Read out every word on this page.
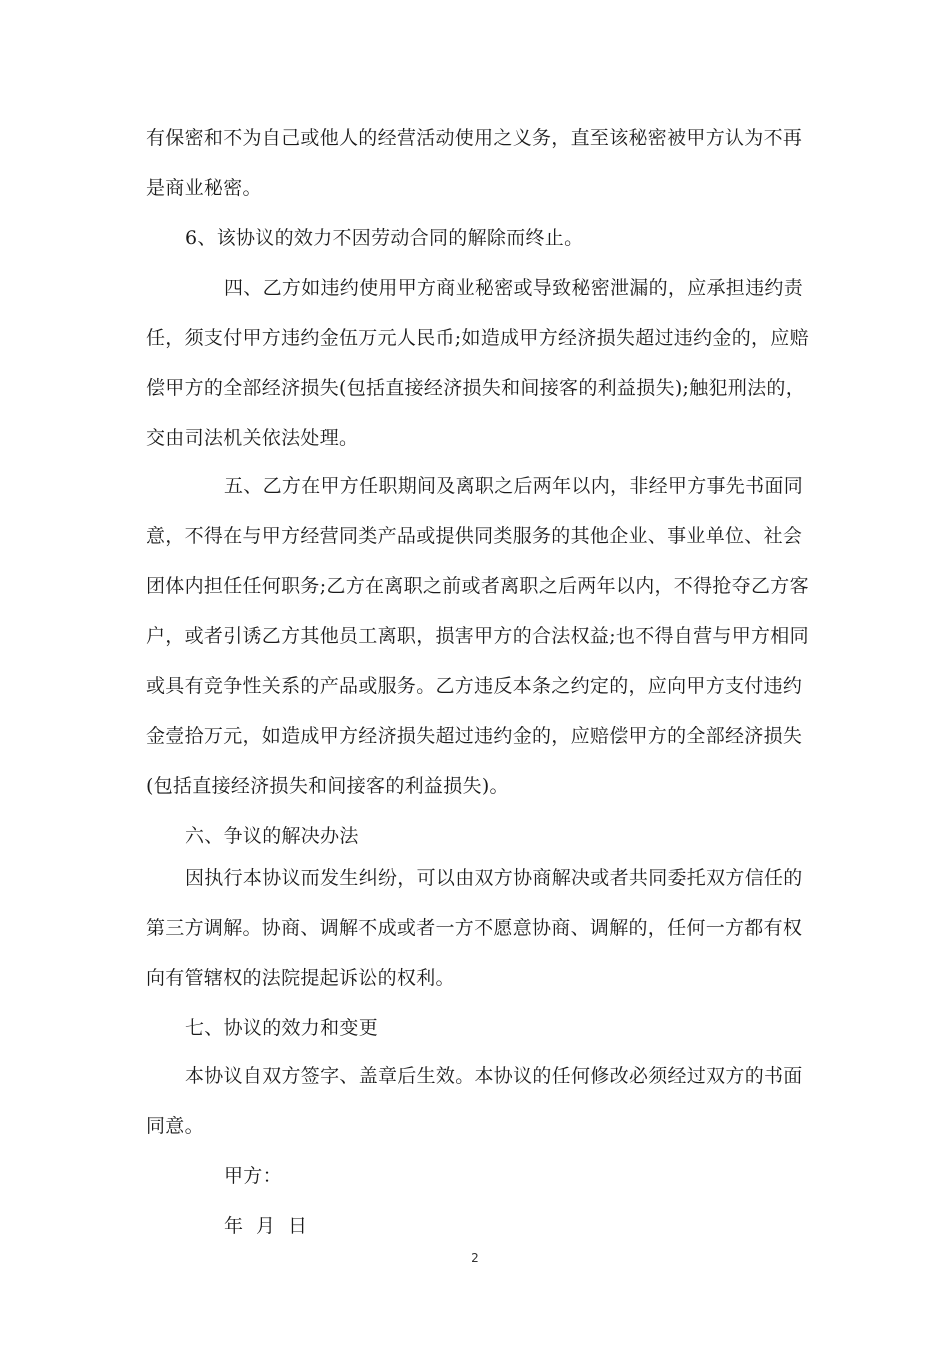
有保密和不为自己或他人的经营活动使用之义务，直至该秘密被甲方认为不再
是商业秘密。
6、该协议的效力不因劳动合同的解除而终止。
四、乙方如违约使用甲方商业秘密或导致秘密泄漏的，应承担违约责
任，须支付甲方违约金伍万元人民币;如造成甲方经济损失超过违约金的，应赔
偿甲方的全部经济损失(包括直接经济损失和间接客的利益损失);触犯刑法的，
交由司法机关依法处理。
五、乙方在甲方任职期间及离职之后两年以内，非经甲方事先书面同
意，不得在与甲方经营同类产品或提供同类服务的其他企业、事业单位、社会
团体内担任任何职务;乙方在离职之前或者离职之后两年以内，不得抢夺乙方客
户，或者引诱乙方其他员工离职，损害甲方的合法权益;也不得自营与甲方相同
或具有竞争性关系的产品或服务。乙方违反本条之约定的，应向甲方支付违约
金壹拾万元，如造成甲方经济损失超过违约金的，应赔偿甲方的全部经济损失
(包括直接经济损失和间接客的利益损失)。
六、争议的解决办法
因执行本协议而发生纠纷，可以由双方协商解决或者共同委托双方信任的
第三方调解。协商、调解不成或者一方不愿意协商、调解的，任何一方都有权
向有管辖权的法院提起诉讼的权利。
七、协议的效力和变更
本协议自双方签字、盖章后生效。本协议的任何修改必须经过双方的书面
同意。
甲方：
年  月  日
2
